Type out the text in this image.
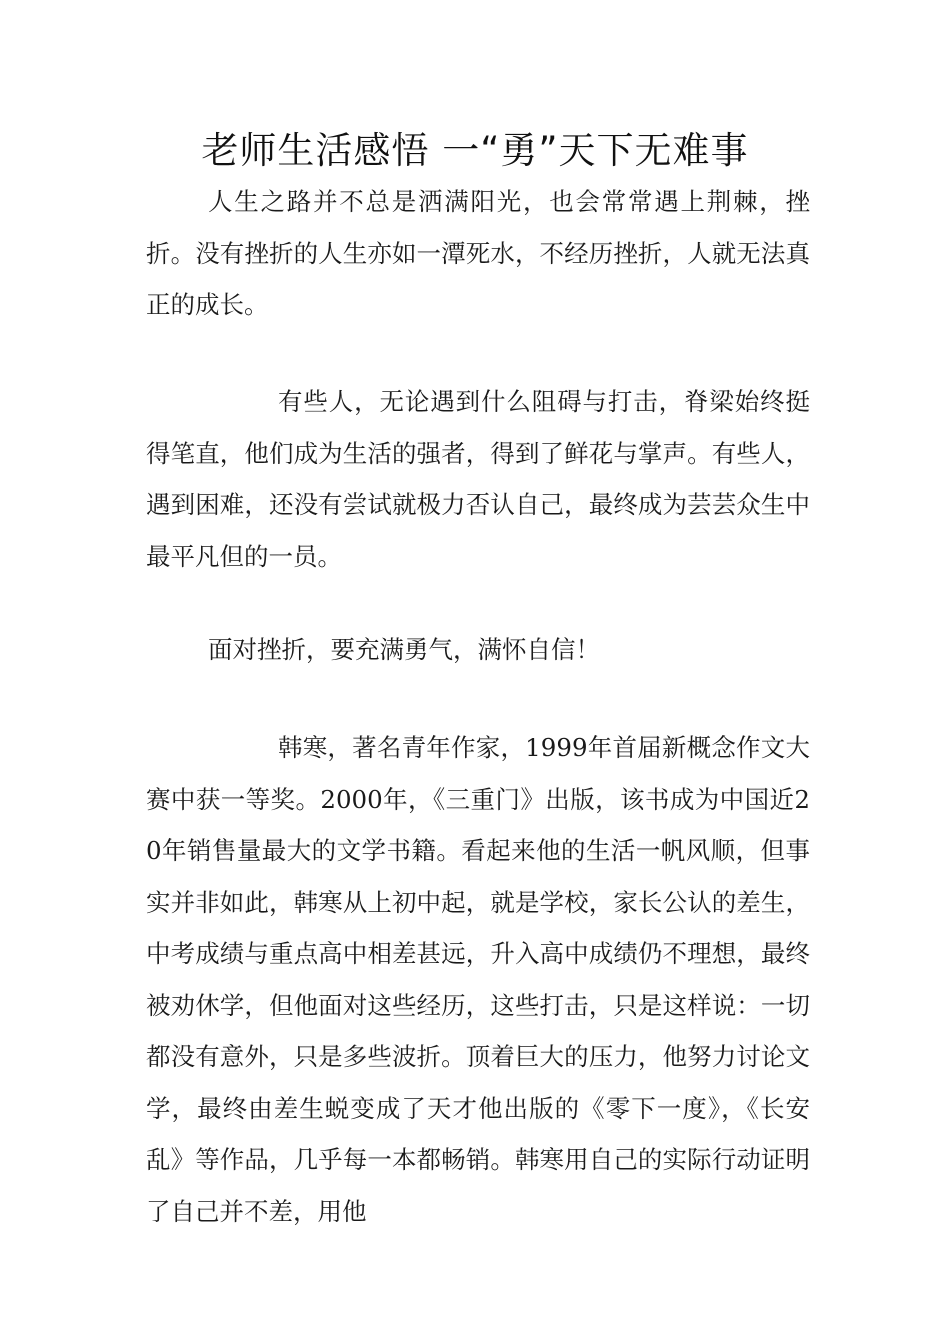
老师生活感悟 一“勇”天下无难事

人生之路并不总是洒满阳光，也会常常遇上荆棘，挫折。没有挫折的人生亦如一潭死水，不经历挫折，人就无法真正的成长。

有些人，无论遇到什么阻碍与打击，脊梁始终挺得笔直，他们成为生活的强者，得到了鲜花与掌声。有些人，遇到困难，还没有尝试就极力否认自己，最终成为芸芸众生中最平凡但的一员。

面对挫折，要充满勇气，满怀自信！

韩寒，著名青年作家，1999年首届新概念作文大赛中获一等奖。2000年，《三重门》出版，该书成为中国近20年销售量最大的文学书籍。看起来他的生活一帆风顺，但事实并非如此，韩寒从上初中起，就是学校，家长公认的差生，中考成绩与重点高中相差甚远，升入高中成绩仍不理想，最终被劝休学，但他面对这些经历，这些打击，只是这样说：一切都没有意外，只是多些波折。顶着巨大的压力，他努力讨论文学，最终由差生蜕变成了天才他出版的《零下一度》，《长安乱》等作品，几乎每一本都畅销。韩寒用自己的实际行动证明了自己并不差，用他
